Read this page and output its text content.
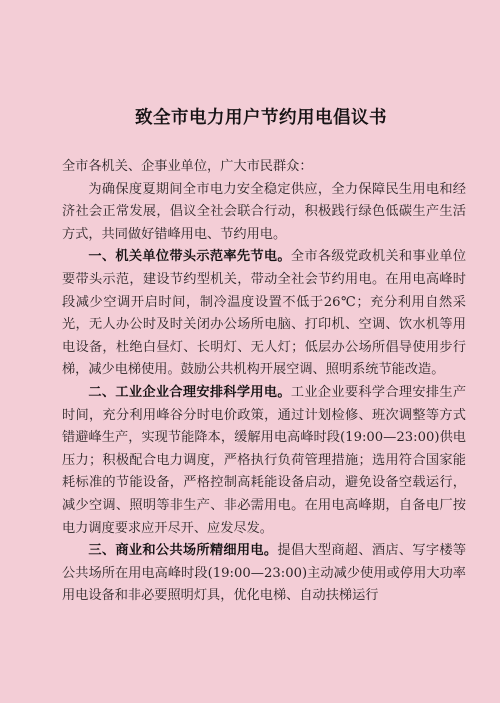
致全市电力用户节约用电倡议书

全市各机关、企事业单位，广大市民群众：

为确保度夏期间全市电力安全稳定供应，全力保障民生用电和经济社会正常发展，倡议全社会联合行动，积极践行绿色低碳生产生活方式，共同做好错峰用电、节约用电。

一、机关单位带头示范率先节电。全市各级党政机关和事业单位要带头示范，建设节约型机关，带动全社会节约用电。在用电高峰时段减少空调开启时间，制冷温度设置不低于26℃；充分利用自然采光，无人办公时及时关闭办公场所电脑、打印机、空调、饮水机等用电设备，杜绝白昼灯、长明灯、无人灯；低层办公场所倡导使用步行梯，减少电梯使用。鼓励公共机构开展空调、照明系统节能改造。

二、工业企业合理安排科学用电。工业企业要科学合理安排生产时间，充分利用峰谷分时电价政策，通过计划检修、班次调整等方式错避峰生产，实现节能降本，缓解用电高峰时段(19:00—23:00)供电压力；积极配合电力调度，严格执行负荷管理措施；选用符合国家能耗标准的节能设备，严格控制高耗能设备启动，避免设备空载运行，减少空调、照明等非生产、非必需用电。在用电高峰期，自备电厂按电力调度要求应开尽开、应发尽发。

三、商业和公共场所精细用电。提倡大型商超、酒店、写字楼等公共场所在用电高峰时段(19:00—23:00)主动减少使用或停用大功率用电设备和非必要照明灯具，优化电梯、自动扶梯运行
